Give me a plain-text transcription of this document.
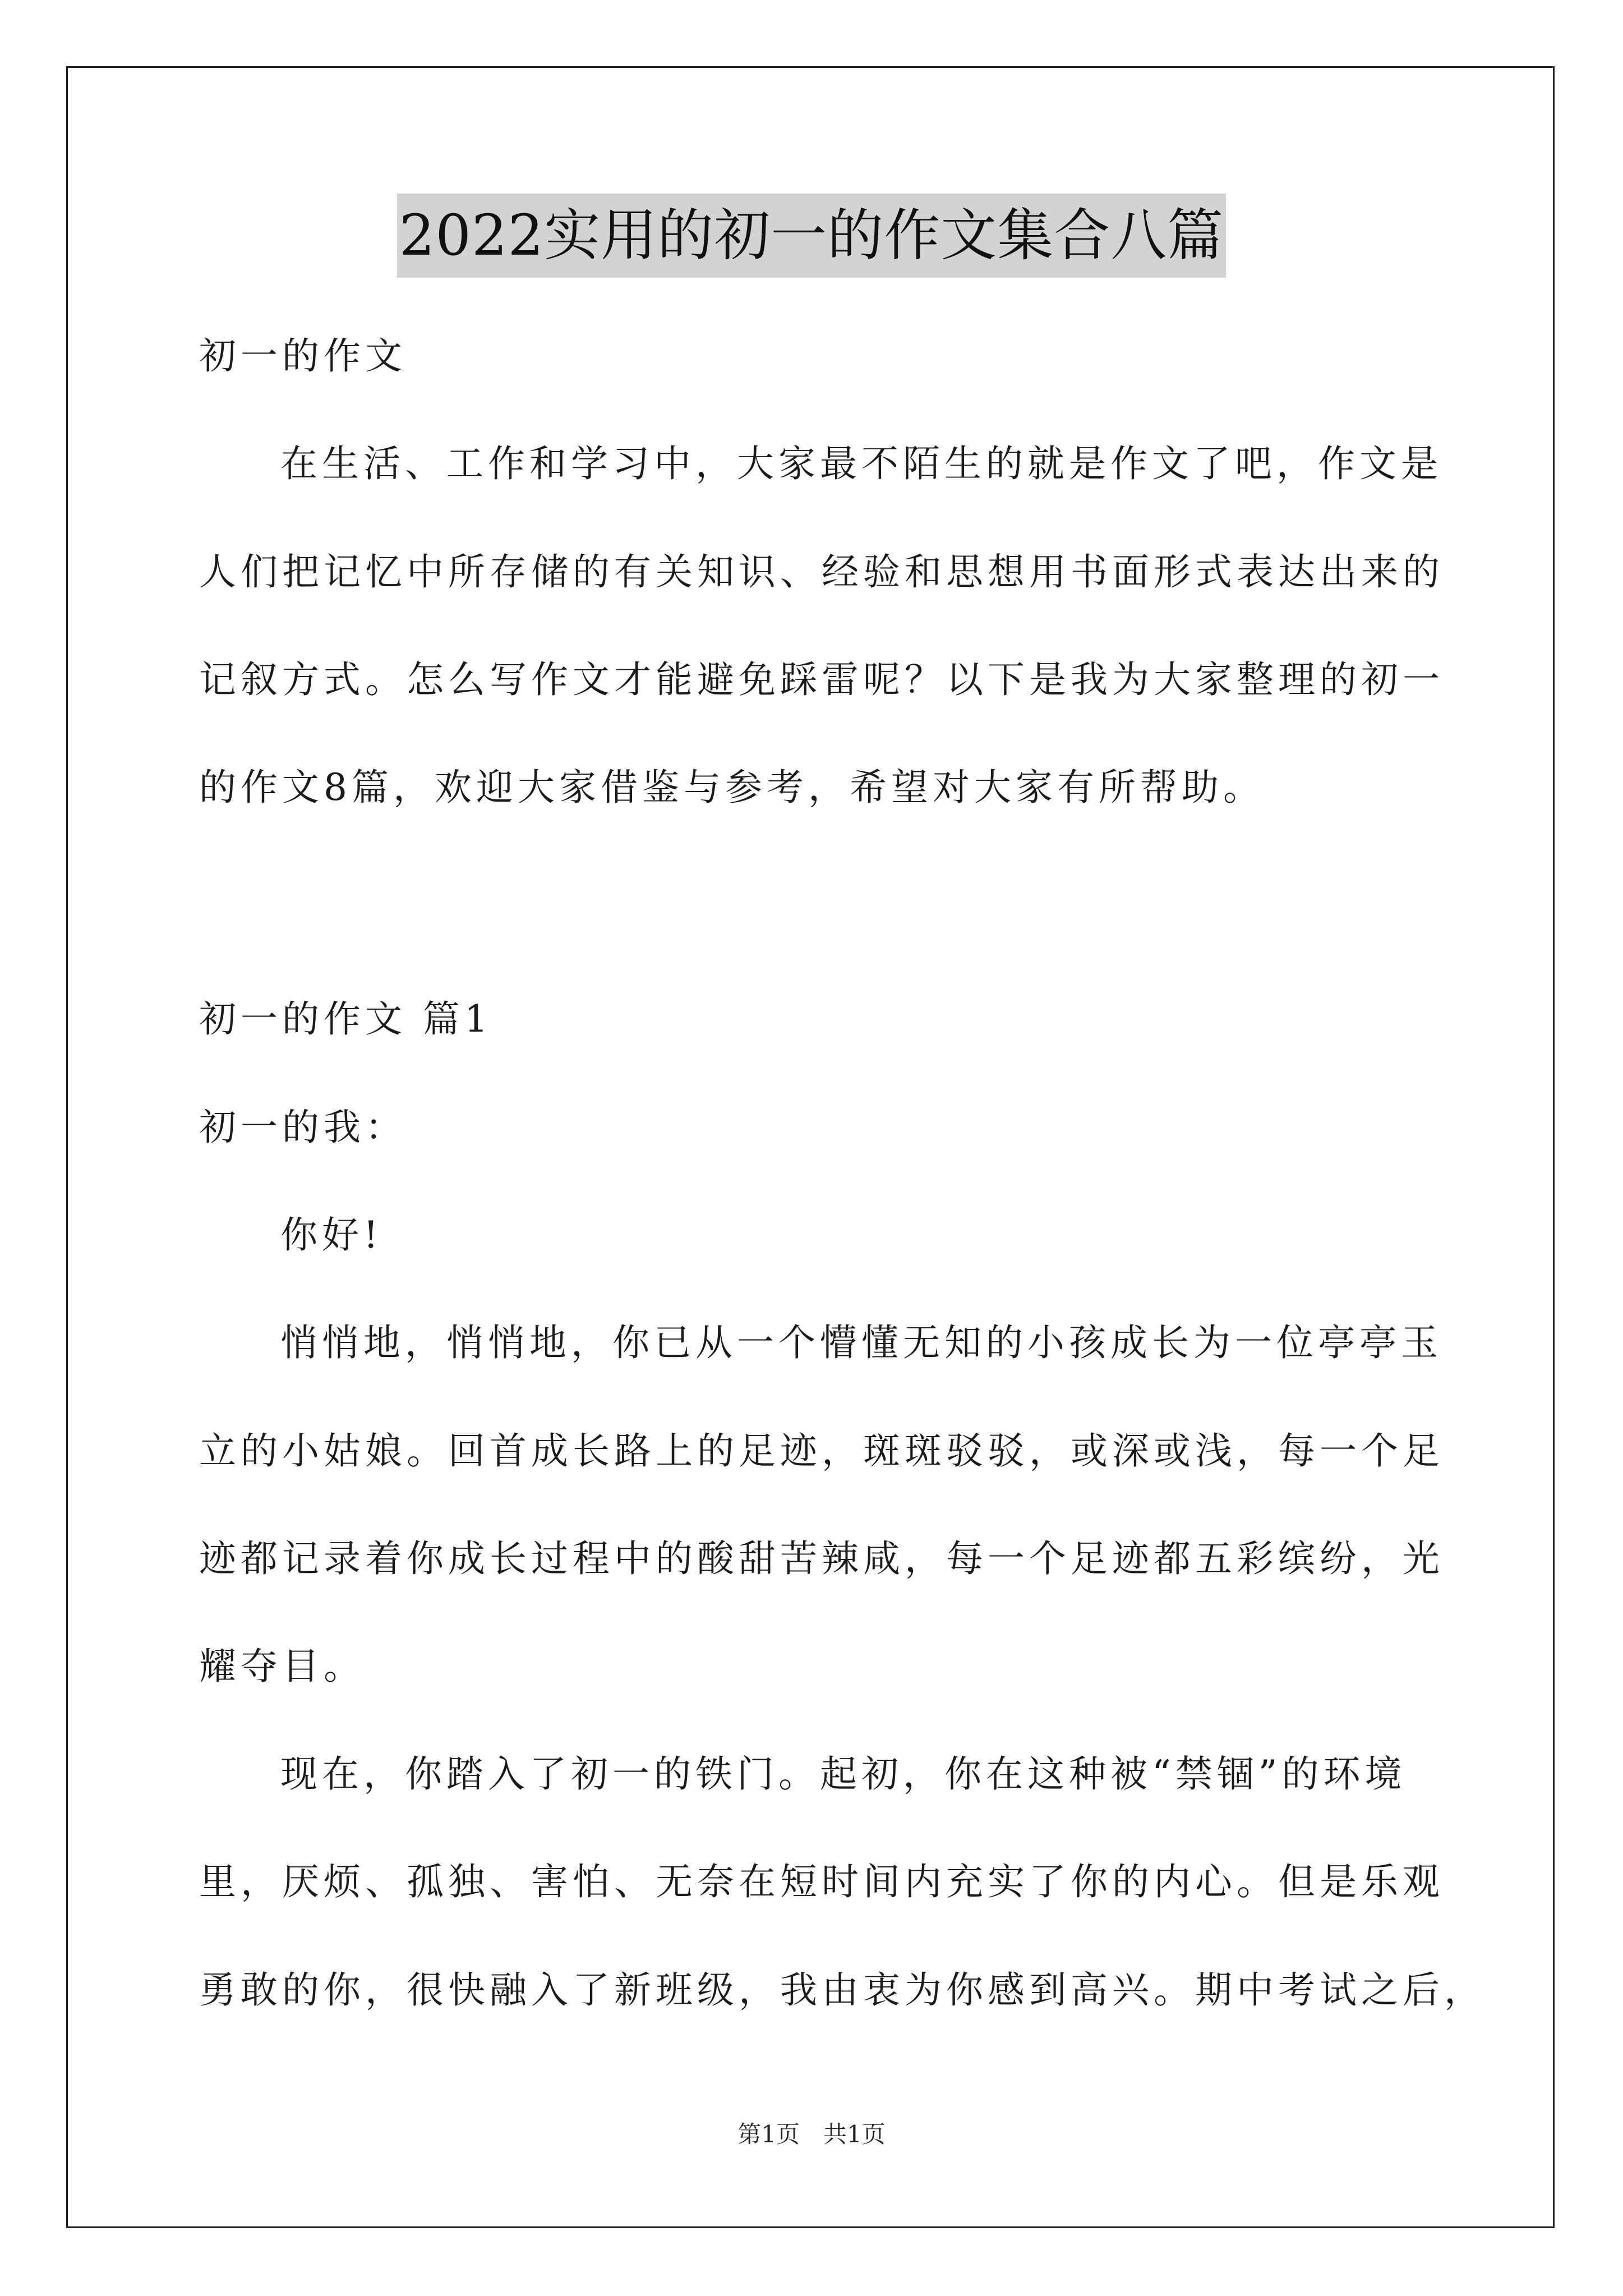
2022实用的初一的作文集合八篇
初一的作文
在生活、工作和学习中，大家最不陌生的就是作文了吧，作文是
人们把记忆中所存储的有关知识、经验和思想用书面形式表达出来的
记叙方式。怎么写作文才能避免踩雷呢？以下是我为大家整理的初一
的作文8篇，欢迎大家借鉴与参考，希望对大家有所帮助。
初一的作文 篇1
初一的我：
你好!
悄悄地，悄悄地，你已从一个懵懂无知的小孩成长为一位亭亭玉
立的小姑娘。回首成长路上的足迹，斑斑驳驳，或深或浅，每一个足
迹都记录着你成长过程中的酸甜苦辣咸，每一个足迹都五彩缤纷，光
耀夺目。
现在，你踏入了初一的铁门。起初，你在这种被“禁锢”的环境
里，厌烦、孤独、害怕、无奈在短时间内充实了你的内心。但是乐观
勇敢的你，很快融入了新班级，我由衷为你感到高兴。期中考试之后，
第1页　共1页
